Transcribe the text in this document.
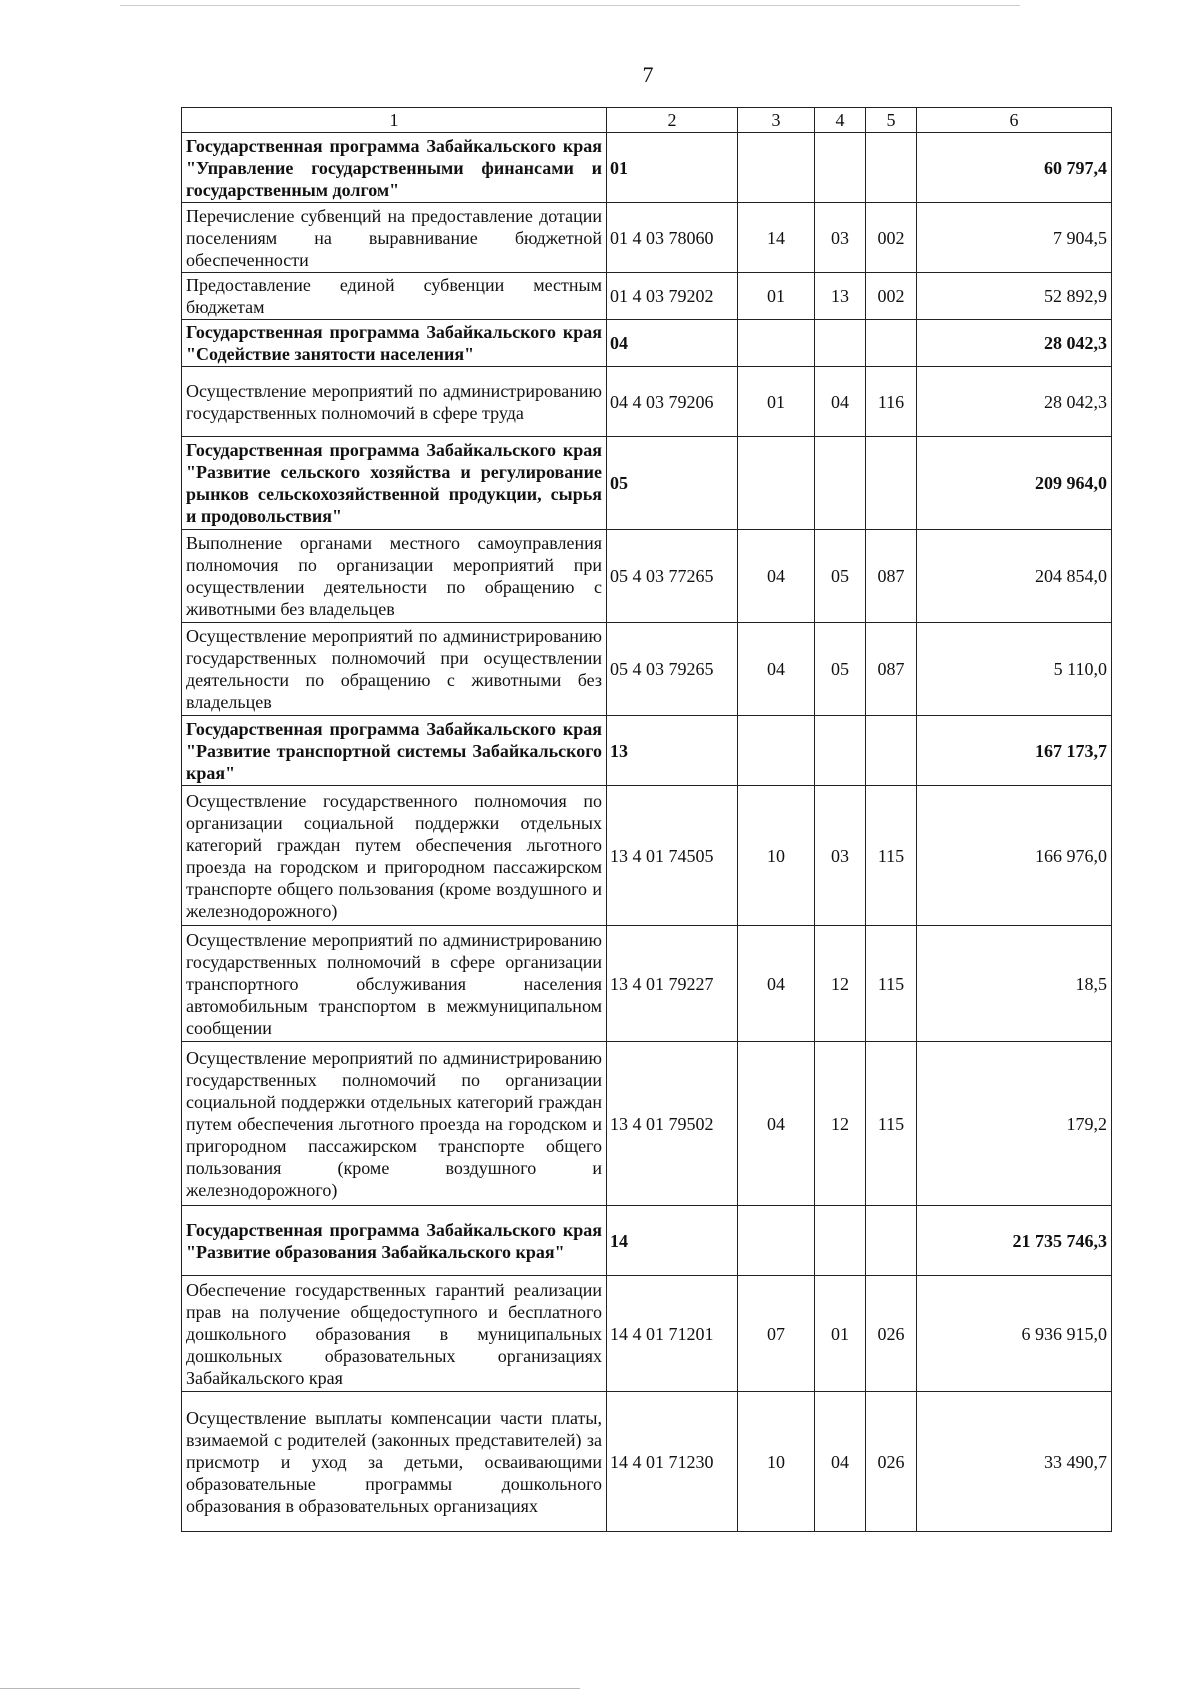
7
1	2	3	4	5	6
Государственная программа Забайкальского края "Управление государственными финансами и государственным долгом"	01				60 797,4
Перечисление субвенций на предоставление дотации поселениям на выравнивание бюджетной обеспеченности	01 4 03 78060	14	03	002	7 904,5
Предоставление единой субвенции местным бюджетам	01 4 03 79202	01	13	002	52 892,9
Государственная программа Забайкальского края "Содействие занятости населения"	04				28 042,3
Осуществление мероприятий по администрированию государственных полномочий в сфере труда	04 4 03 79206	01	04	116	28 042,3
Государственная программа Забайкальского края "Развитие сельского хозяйства и регулирование рынков сельскохозяйственной продукции, сырья и продовольствия"	05				209 964,0
Выполнение органами местного самоуправления полномочия по организации мероприятий при осуществлении деятельности по обращению с животными без владельцев	05 4 03 77265	04	05	087	204 854,0
Осуществление мероприятий по администрированию государственных полномочий при осуществлении деятельности по обращению с животными без владельцев	05 4 03 79265	04	05	087	5 110,0
Государственная программа Забайкальского края "Развитие транспортной системы Забайкальского края"	13				167 173,7
Осуществление государственного полномочия по организации социальной поддержки отдельных категорий граждан путем обеспечения льготного проезда на городском и пригородном пассажирском транспорте общего пользования (кроме воздушного и железнодорожного)	13 4 01 74505	10	03	115	166 976,0
Осуществление мероприятий по администрированию государственных полномочий в сфере организации транспортного обслуживания населения автомобильным транспортом в межмуниципальном сообщении	13 4 01 79227	04	12	115	18,5
Осуществление мероприятий по администрированию государственных полномочий по организации социальной поддержки отдельных категорий граждан путем обеспечения льготного проезда на городском и пригородном пассажирском транспорте общего пользования (кроме воздушного и железнодорожного)	13 4 01 79502	04	12	115	179,2
Государственная программа Забайкальского края "Развитие образования Забайкальского края"	14				21 735 746,3
Обеспечение государственных гарантий реализации прав на получение общедоступного и бесплатного дошкольного образования в муниципальных дошкольных образовательных организациях Забайкальского края	14 4 01 71201	07	01	026	6 936 915,0
Осуществление выплаты компенсации части платы, взимаемой с родителей (законных представителей) за присмотр и уход за детьми, осваивающими образовательные программы дошкольного образования в образовательных организациях	14 4 01 71230	10	04	026	33 490,7
